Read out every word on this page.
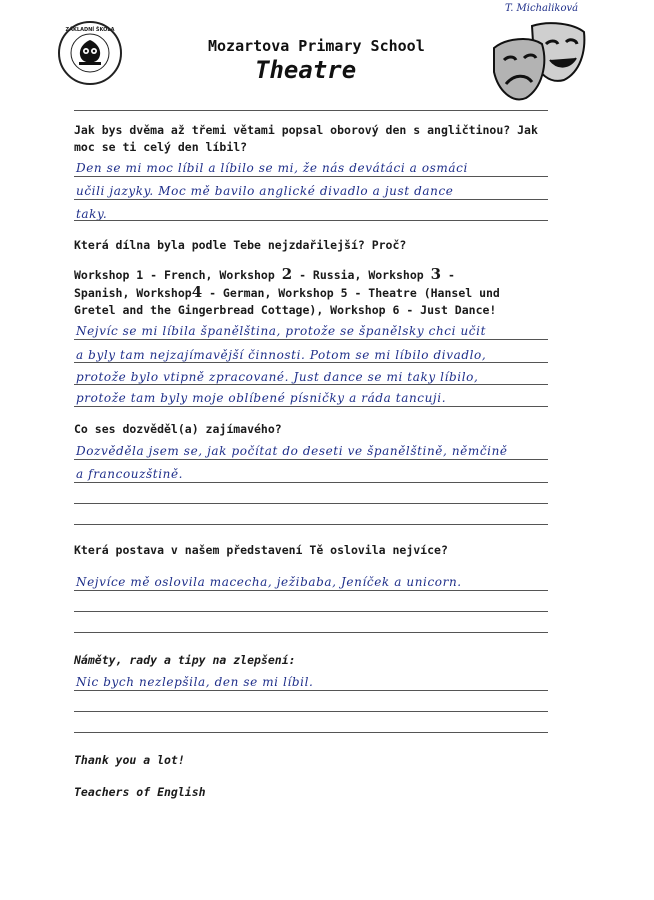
ZÁKLADNÍ ŠKOLA
Mozartova Primary School
Theatre
T. Michaliková
Jak bys dvěma až třemi větami popsal oborový den s angličtinou? Jak moc se ti celý den líbil?
Den se mi moc líbil a líbilo se mi, že nás devátáci a osmáci
učili jazyky. Moc mě bavilo anglické divadlo a just dance
taky.
Která dílna byla podle Tebe nejzdařilejší? Proč?
Workshop 1 - French, Workshop 2 - Russia, Workshop 3 -
Spanish, Workshop4 - German, Workshop 5 - Theatre (Hansel und
Gretel and the Gingerbread Cottage), Workshop 6 - Just Dance!
Nejvíc se mi líbila španělština, protože se španělsky chci učit
a byly tam nejzajímavější činnosti. Potom se mi líbilo divadlo,
protože bylo vtipně zpracované. Just dance se mi taky líbilo,
protože tam byly moje oblíbené písničky a ráda tancuji.
Co ses dozvěděl(a) zajímavého?
Dozvěděla jsem se, jak počítat do deseti ve španělštině, němčině
a francouzštině.
Která postava v našem představení Tě oslovila nejvíce?
Nejvíce mě oslovila macecha, ježibaba, Jeníček a unicorn.
Náměty, rady a tipy na zlepšení:
Nic bych nezlepšila, den se mi líbil.
Thank you a lot!
Teachers of English
